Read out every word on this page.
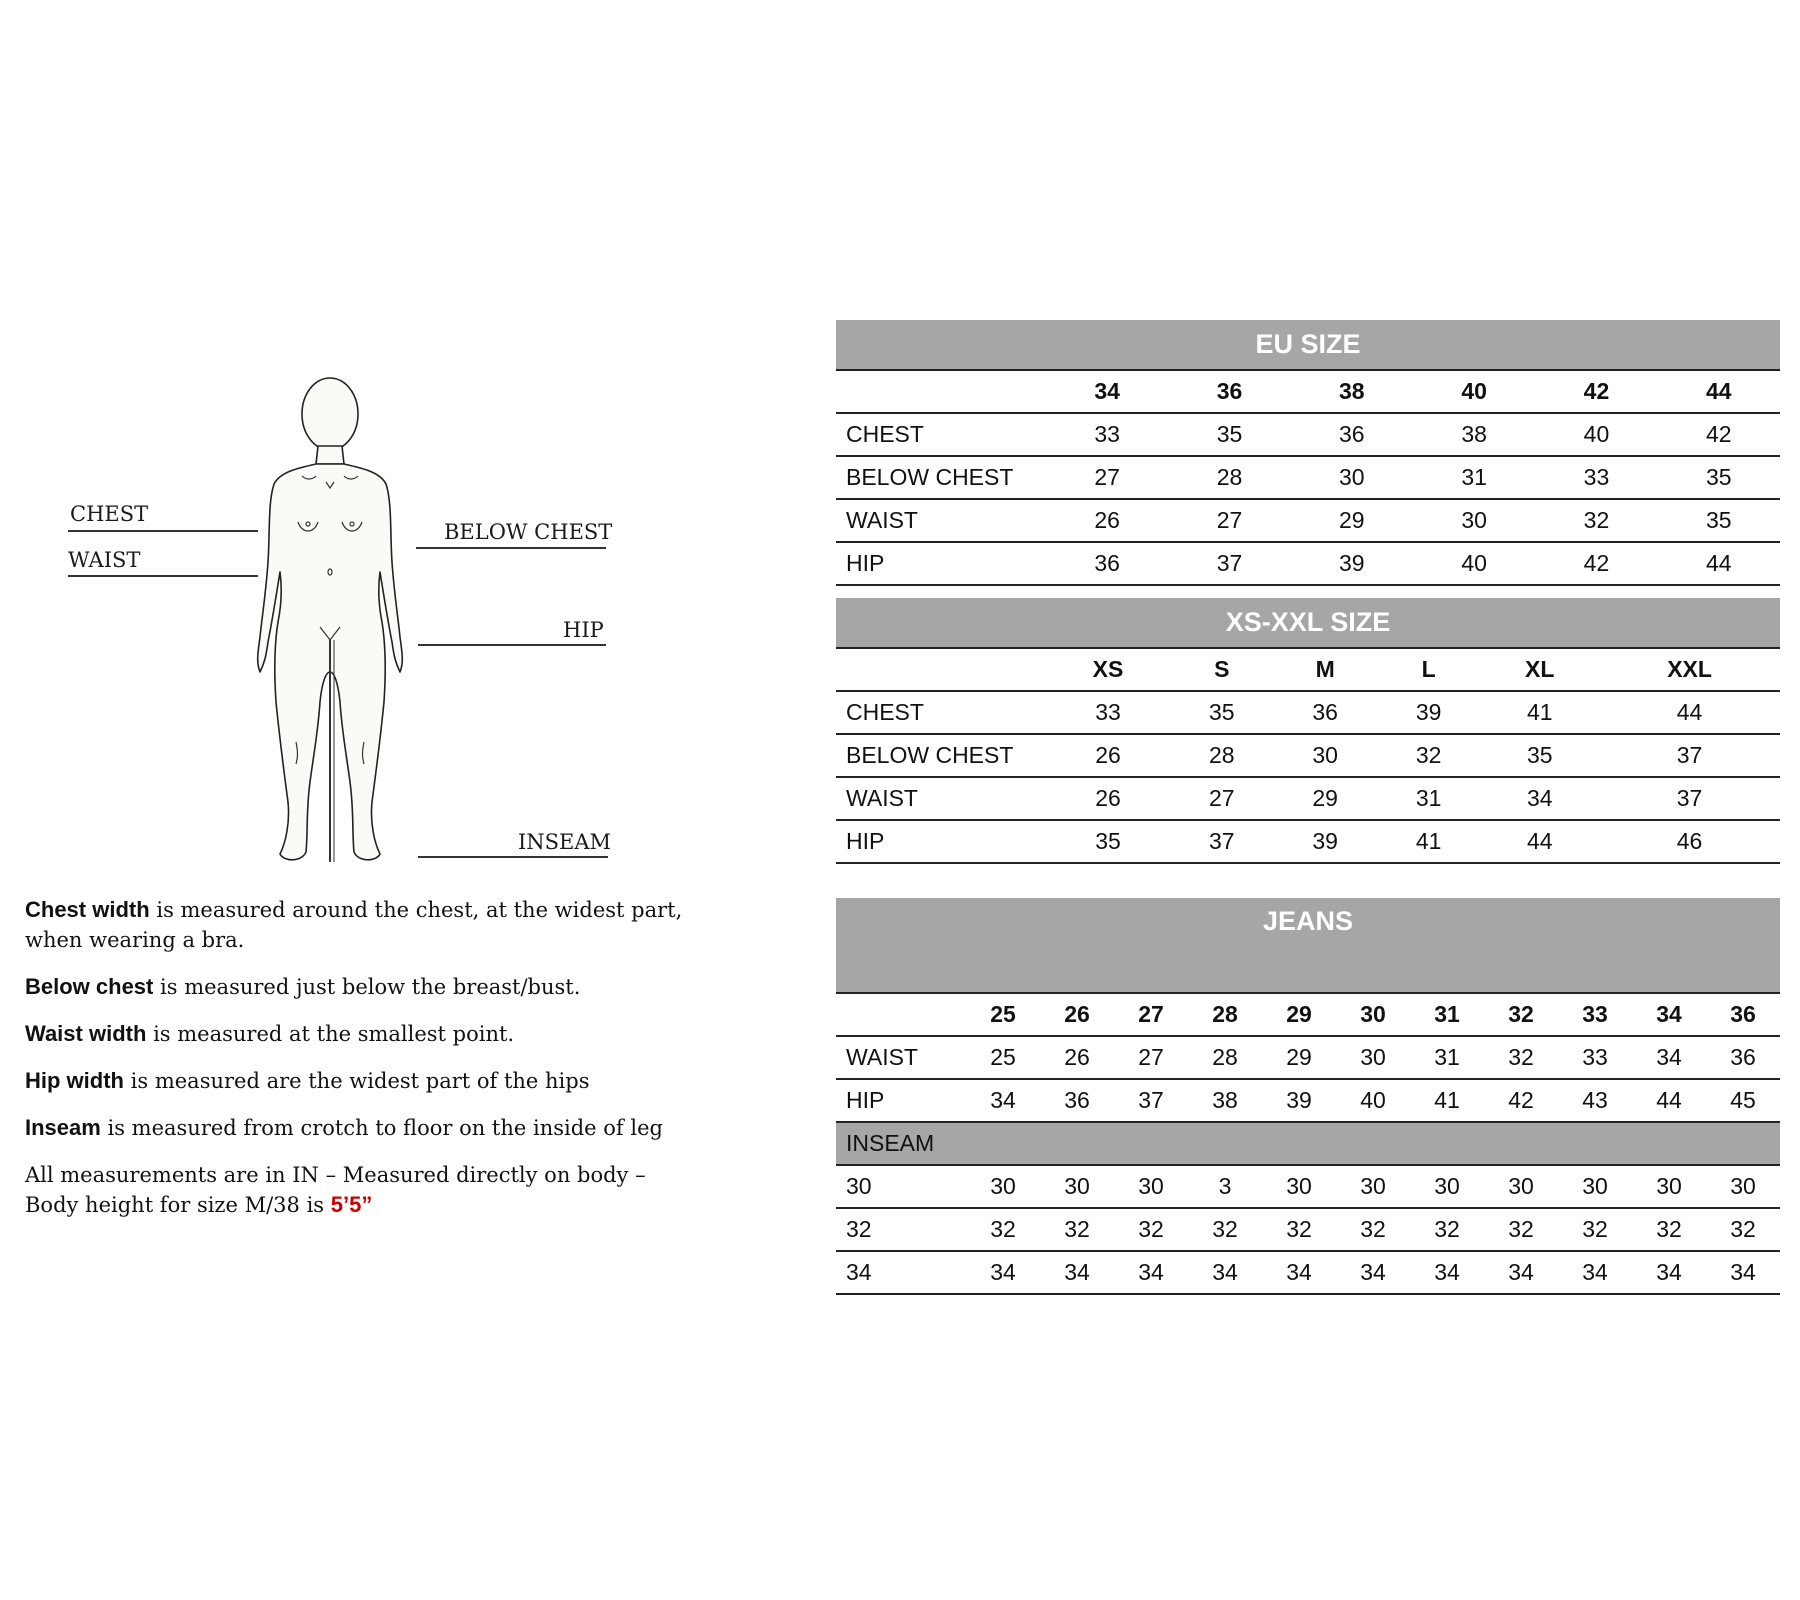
CHEST
WAIST
BELOW CHEST
HIP
INSEAM

Chest width is measured around the chest, at the widest part, when wearing a bra.

Below chest is measured just below the breast/bust.

Waist width is measured at the smallest point.

Hip width is measured are the widest part of the hips

Inseam is measured from crotch to floor on the inside of leg

All measurements are in IN – Measured directly on body – Body height for size M/38 is 5’5”

EU SIZE						
	34	36	38	40	42	44
CHEST	33	35	36	38	40	42
BELOW CHEST	27	28	30	31	33	35
WAIST	26	27	29	30	32	35
HIP	36	37	39	40	42	44
XS-XXL SIZE						
	XS	S	M	L	XL	XXL
CHEST	33	35	36	39	41	44
BELOW CHEST	26	28	30	32	35	37
WAIST	26	27	29	31	34	37
HIP	35	37	39	41	44	46
JEANS											
	25	26	27	28	29	30	31	32	33	34	36
WAIST	25	26	27	28	29	30	31	32	33	34	36
HIP	34	36	37	38	39	40	41	42	43	44	45
INSEAM											
30	30	30	30	3	30	30	30	30	30	30	30
32	32	32	32	32	32	32	32	32	32	32	32
34	34	34	34	34	34	34	34	34	34	34	34
